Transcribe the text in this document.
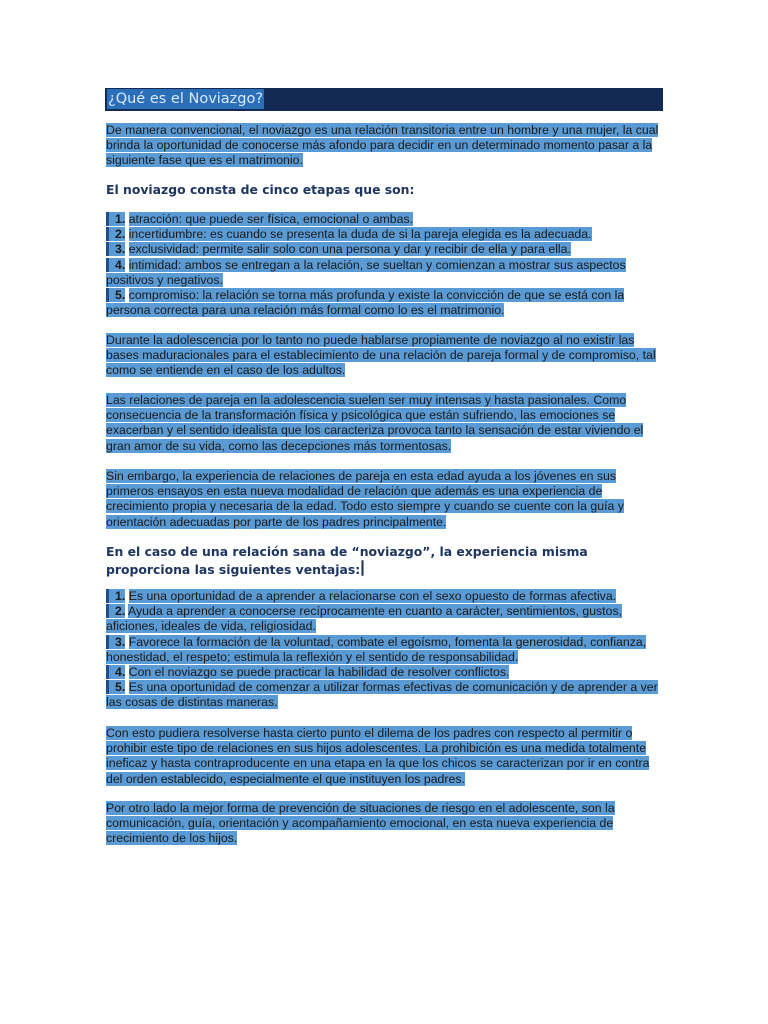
¿Qué es el Noviazgo?
De manera convencional, el noviazgo es una relación transitoria entre un hombre y una mujer, la cual brinda la oportunidad de conocerse más afondo para decidir en un determinado momento pasar a la siguiente fase que es el matrimonio.
El noviazgo consta de cinco etapas que son:
1. atracción: que puede ser física, emocional o ambas.
2. incertidumbre: es cuando se presenta la duda de si la pareja elegida es la adecuada.
3. exclusividad: permite salir solo con una persona y dar y recibir de ella y para ella.
4. intimidad: ambos se entregan a la relación, se sueltan y comienzan a mostrar sus aspectos positivos y negativos.
5. compromiso: la relación se torna más profunda y existe la convicción de que se está con la persona correcta para una relación más formal como lo es el matrimonio.
Durante la adolescencia por lo tanto no puede hablarse propiamente de noviazgo al no existir las bases maduracionales para el establecimiento de una relación de pareja formal y de compromiso, tal como se entiende en el caso de los adultos.
Las relaciones de pareja en la adolescencia suelen ser muy intensas y hasta pasionales. Como consecuencia de la transformación física y psicológica que están sufriendo, las emociones se exacerban y el sentido idealista que los caracteriza provoca tanto la sensación de estar viviendo el gran amor de su vida, como las decepciones más tormentosas.
Sin embargo, la experiencia de relaciones de pareja en esta edad ayuda a los jóvenes en sus primeros ensayos en esta nueva modalidad de relación que además es una experiencia de crecimiento propia y necesaria de la edad. Todo esto siempre y cuando se cuente con la guía y orientación adecuadas por parte de los padres principalmente.
En el caso de una relación sana de “noviazgo”, la experiencia misma proporciona las siguientes ventajas:
1. Es una oportunidad de a aprender a relacionarse con el sexo opuesto de formas afectiva.
2. Ayuda a aprender a conocerse recíprocamente en cuanto a carácter, sentimientos, gustos, aficiones, ideales de vida, religiosidad.
3. Favorece la formación de la voluntad, combate el egoísmo, fomenta la generosidad, confianza, honestidad, el respeto; estimula la reflexión y el sentido de responsabilidad.
4. Con el noviazgo se puede practicar la habilidad de resolver conflictos.
5. Es una oportunidad de comenzar a utilizar formas efectivas de comunicación y de aprender a ver las cosas de distintas maneras.
Con esto pudiera resolverse hasta cierto punto el dilema de los padres con respecto al permitir o prohibir este tipo de relaciones en sus hijos adolescentes. La prohibición es una medida totalmente ineficaz y hasta contraproducente en una etapa en la que los chicos se caracterizan por ir en contra del orden establecido, especialmente el que instituyen los padres.
Por otro lado la mejor forma de prevención de situaciones de riesgo en el adolescente, son la comunicación, guía, orientación y acompañamiento emocional, en esta nueva experiencia de crecimiento de los hijos.
